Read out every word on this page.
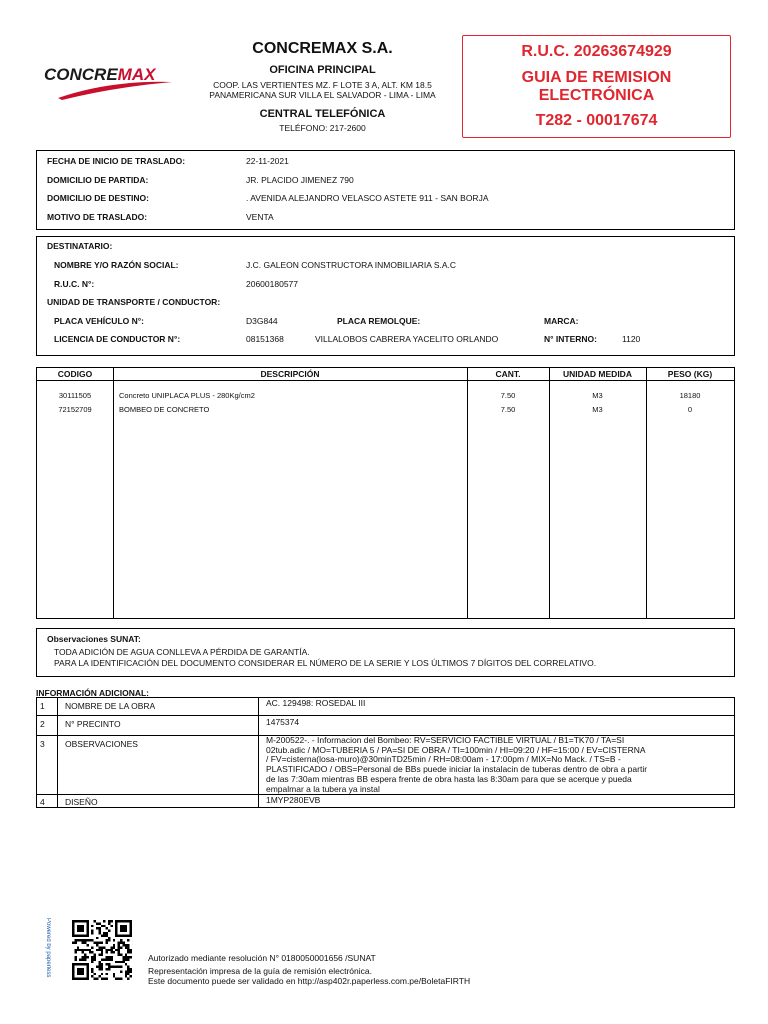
CONCREMAX
CONCREMAX S.A.
OFICINA PRINCIPAL
COOP. LAS VERTIENTES MZ. F LOTE 3 A, ALT. KM 18.5 PANAMERICANA SUR VILLA EL SALVADOR - LIMA - LIMA
CENTRAL TELEFÓNICA
TELÉFONO: 217-2600
R.U.C. 20263674929
GUIA DE REMISION
ELECTRÓNICA
T282 - 00017674
FECHA DE INICIO DE TRASLADO:	22-11-2021
DOMICILIO DE PARTIDA:	JR. PLACIDO JIMENEZ 790
DOMICILIO DE DESTINO:	. AVENIDA ALEJANDRO VELASCO ASTETE 911 - SAN BORJA
MOTIVO DE TRASLADO:	VENTA
DESTINATARIO:
NOMBRE Y/O RAZÓN SOCIAL:	J.C. GALEON CONSTRUCTORA INMOBILIARIA S.A.C
R.U.C. N°:	20600180577
UNIDAD DE TRANSPORTE / CONDUCTOR:
PLACA VEHÍCULO N°:	D3G844	PLACA REMOLQUE:	MARCA:
LICENCIA DE CONDUCTOR N°:	08151368	VILLALOBOS CABRERA YACELITO ORLANDO	N° INTERNO:	1120
CODIGO	DESCRIPCIÓN	CANT.	UNIDAD MEDIDA	PESO (KG)
30111505	Concreto UNIPLACA PLUS - 280Kg/cm2	7.50	M3	18180
72152709	BOMBEO DE CONCRETO	7.50	M3	0
Observaciones SUNAT:
TODA ADICIÓN DE AGUA CONLLEVA A PÉRDIDA DE GARANTÍA.
PARA LA IDENTIFICACIÓN DEL DOCUMENTO CONSIDERAR EL NÚMERO DE LA SERIE Y LOS ÚLTIMOS 7 DÍGITOS DEL CORRELATIVO.
INFORMACIÓN ADICIONAL:
1 NOMBRE DE LA OBRA	AC. 129498: ROSEDAL III
2 N° PRECINTO	1475374
3 OBSERVACIONES	M-200522-. - Informacion del Bombeo: RV=SERVICIO FACTIBLE VIRTUAL / B1=TK70 / TA=SI
02tub.adic / MO=TUBERIA 5 / PA=SI DE OBRA / TI=100min / HI=09:20 / HF=15:00 / EV=CISTERNA
/ FV=cisterna(losa-muro)@30minTD25min / RH=08:00am - 17:00pm / MIX=No Mack. / TS=B -
PLASTIFICADO / OBS=Personal de BBs puede iniciar la instalacin de tuberas dentro de obra a partir
de las 7:30am mientras BB espera frente de obra hasta las 8:30am para que se acerque y pueda
empalmar a la tubera ya instal
4 DISEÑO	1MYP280EVB
Powered by paperless	Autorizado mediante resolución N° 0180050001656 /SUNAT
Representación impresa de la guía de remisión electrónica.
Este documento puede ser validado en http://asp402r.paperless.com.pe/BoletaFIRTH
